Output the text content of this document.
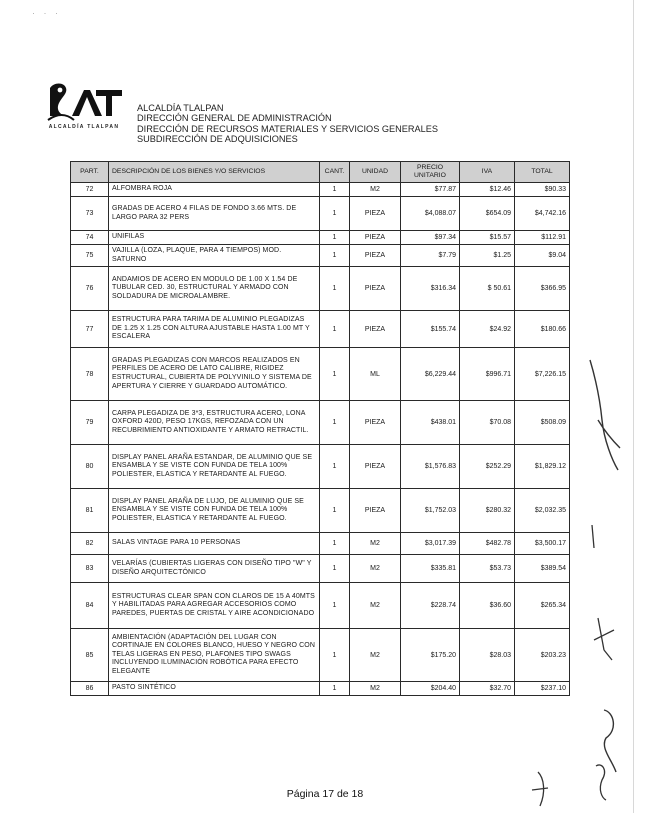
· · ·
ALCALDÍA TLALPAN
ALCALDÍA TLALPAN
DIRECCIÓN GENERAL DE ADMINISTRACIÓN
DIRECCIÓN DE RECURSOS MATERIALES Y SERVICIOS GENERALES
SUBDIRECCIÓN DE ADQUISICIONES
PART.	DESCRIPCIÓN DE LOS BIENES Y/O SERVICIOS	CANT.	UNIDAD	PRECIO UNITARIO	IVA	TOTAL
72	ALFOMBRA ROJA	1	M2	$77.87	$12.46	$90.33
73	GRADAS DE ACERO 4 FILAS DE FONDO 3.66 MTS. DE LARGO PARA 32 PERS	1	PIEZA	$4,088.07	$654.09	$4,742.16
74	UNIFILAS	1	PIEZA	$97.34	$15.57	$112.91
75	VAJILLA (LOZA, PLAQUE, PARA 4 TIEMPOS) MOD. SATURNO	1	PIEZA	$7.79	$1.25	$9.04
76	ANDAMIOS DE ACERO EN MODULO DE 1.00 X 1.54 DE TUBULAR CED. 30, ESTRUCTURAL Y ARMADO CON SOLDADURA DE MICROALAMBRE.	1	PIEZA	$316.34	$ 50.61	$366.95
77	ESTRUCTURA PARA TARIMA DE ALUMINIO PLEGADIZAS DE 1.25 X 1.25 CON ALTURA AJUSTABLE HASTA 1.00 MT Y ESCALERA	1	PIEZA	$155.74	$24.92	$180.66
78	GRADAS PLEGADIZAS CON MARCOS REALIZADOS EN PERFILES DE ACERO DE LATO CALIBRE, RIGIDEZ ESTRUCTURAL, CUBIERTA DE POLYVINILO Y SISTEMA DE APERTURA Y CIERRE Y GUARDADO AUTOMÁTICO.	1	ML	$6,229.44	$996.71	$7,226.15
79	CARPA PLEGADIZA DE 3*3, ESTRUCTURA ACERO, LONA OXFORD 420D, PESO 17KGS, REFOZADA CON UN RECUBRIMIENTO ANTIOXIDANTE Y ARMATO RETRACTIL.	1	PIEZA	$438.01	$70.08	$508.09
80	DISPLAY PANEL ARAÑA ESTANDAR, DE ALUMINIO QUE SE ENSAMBLA Y SE VISTE CON FUNDA DE TELA 100% POLIESTER, ELASTICA Y RETARDANTE AL FUEGO.	1	PIEZA	$1,576.83	$252.29	$1,829.12
81	DISPLAY PANEL ARAÑA DE LUJO, DE ALUMINIO QUE SE ENSAMBLA Y SE VISTE CON FUNDA DE TELA 100% POLIESTER, ELASTICA Y RETARDANTE AL FUEGO.	1	PIEZA	$1,752.03	$280.32	$2,032.35
82	SALAS VINTAGE PARA 10 PERSONAS	1	M2	$3,017.39	$482.78	$3,500.17
83	VELARÍAS (CUBIERTAS LIGERAS CON DISEÑO TIPO "W" Y DISEÑO ARQUITECTÓNICO	1	M2	$335.81	$53.73	$389.54
84	ESTRUCTURAS CLEAR SPAN CON CLAROS DE 15 A 40MTS Y HABILITADAS PARA AGREGAR ACCESORIOS COMO PAREDES, PUERTAS DE CRISTAL Y AIRE ACONDICIONADO	1	M2	$228.74	$36.60	$265.34
85	AMBIENTACIÓN (ADAPTACIÓN DEL LUGAR CON CORTINAJE EN COLORES BLANCO, HUESO Y NEGRO CON TELAS LIGERAS EN PESO, PLAFONES TIPO SWAGS INCLUYENDO ILUMINACIÓN ROBÓTICA PARA EFECTO ELEGANTE	1	M2	$175.20	$28.03	$203.23
86	PASTO SINTÉTICO	1	M2	$204.40	$32.70	$237.10
Página 17 de 18
